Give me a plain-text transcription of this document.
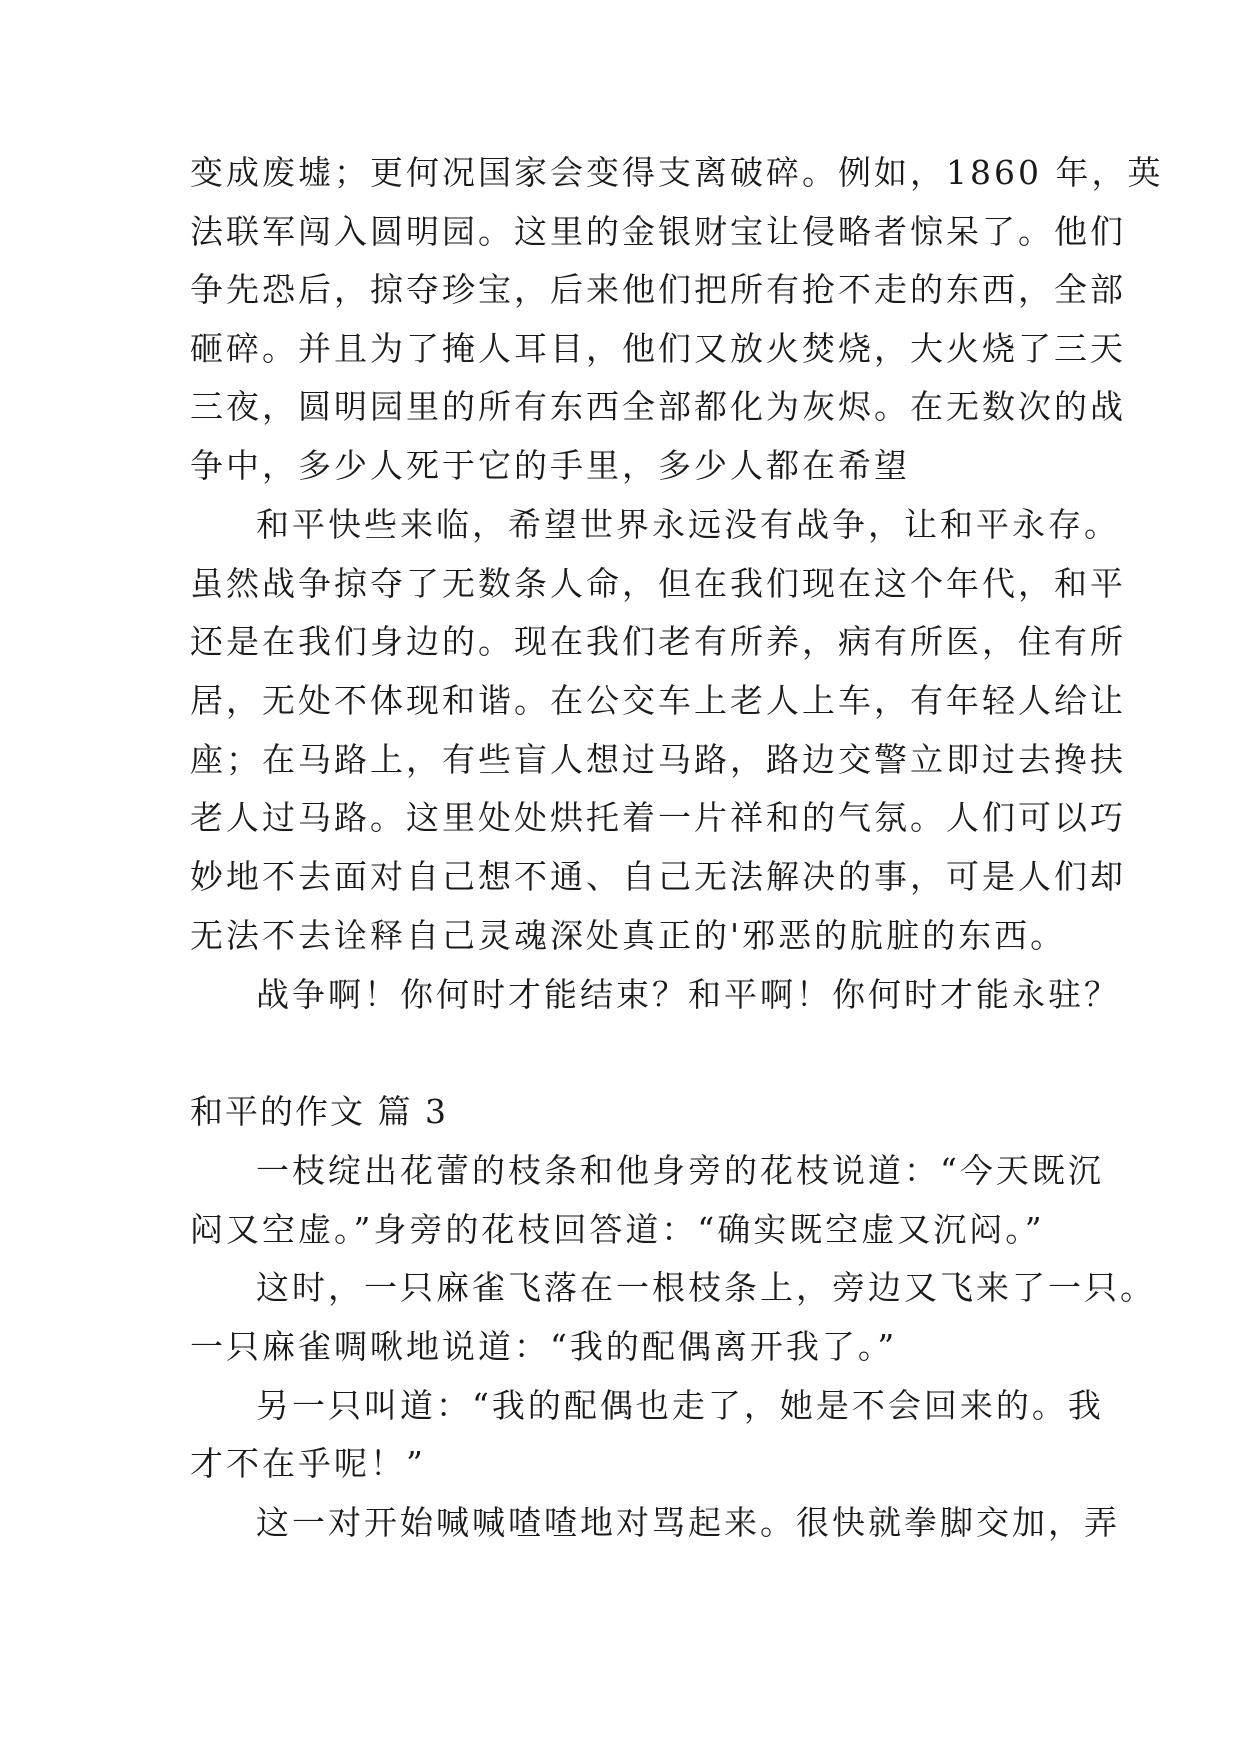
变成废墟；更何况国家会变得支离破碎。例如，1860 年，英
法联军闯入圆明园。这里的金银财宝让侵略者惊呆了。他们
争先恐后，掠夺珍宝，后来他们把所有抢不走的东西，全部
砸碎。并且为了掩人耳目，他们又放火焚烧，大火烧了三天
三夜，圆明园里的所有东西全部都化为灰烬。在无数次的战
争中，多少人死于它的手里，多少人都在希望
和平快些来临，希望世界永远没有战争，让和平永存。
虽然战争掠夺了无数条人命，但在我们现在这个年代，和平
还是在我们身边的。现在我们老有所养，病有所医，住有所
居，无处不体现和谐。在公交车上老人上车，有年轻人给让
座；在马路上，有些盲人想过马路，路边交警立即过去搀扶
老人过马路。这里处处烘托着一片祥和的气氛。人们可以巧
妙地不去面对自己想不通、自己无法解决的事，可是人们却
无法不去诠释自己灵魂深处真正的'邪恶的肮脏的东西。
战争啊！你何时才能结束？和平啊！你何时才能永驻？
和平的作文 篇 3
一枝绽出花蕾的枝条和他身旁的花枝说道：“今天既沉
闷又空虚。”身旁的花枝回答道：“确实既空虚又沉闷。”
这时，一只麻雀飞落在一根枝条上，旁边又飞来了一只。
一只麻雀啁啾地说道：“我的配偶离开我了。”
另一只叫道：“我的配偶也走了，她是不会回来的。我
才不在乎呢！”
这一对开始喊喊喳喳地对骂起来。很快就拳脚交加，弄
